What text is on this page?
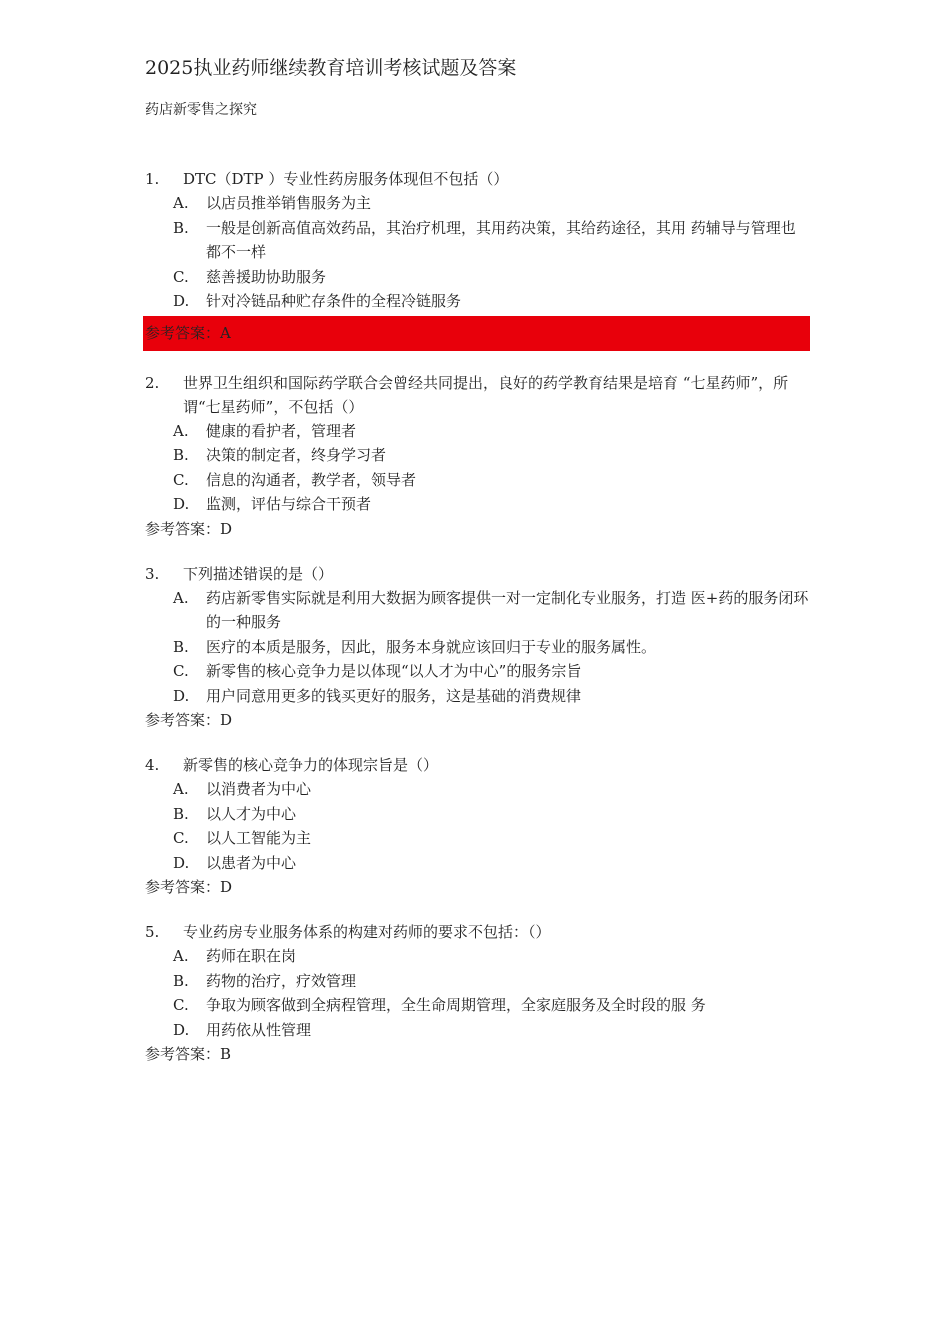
2025执业药师继续教育培训考核试题及答案
药店新零售之探究
1.	DTC（DTP ）专业性药房服务体现但不包括（）
A.	以店员推举销售服务为主
B.	一般是创新高值高效药品，其治疗机理，其用药决策，其给药途径，其用 药辅导与管理也都不一样
C.	慈善援助协助服务
D.	针对冷链品种贮存条件的全程冷链服务
参考答案：A
2.	世界卫生组织和国际药学联合会曾经共同提出，良好的药学教育结果是培育 “七星药师”，所谓“七星药师”，不包括（）
A.	健康的看护者，管理者
B.	决策的制定者，终身学习者
C.	信息的沟通者，教学者，领导者
D.	监测，评估与综合干预者
参考答案：D
3.	下列描述错误的是（）
A.	药店新零售实际就是利用大数据为顾客提供一对一定制化专业服务，打造 医+药的服务闭环的一种服务
B.	医疗的本质是服务，因此，服务本身就应该回归于专业的服务属性。
C.	新零售的核心竞争力是以体现“以人才为中心”的服务宗旨
D.	用户同意用更多的钱买更好的服务，这是基础的消费规律
参考答案：D
4.	新零售的核心竞争力的体现宗旨是（）
A.	以消费者为中心
B.	以人才为中心
C.	以人工智能为主
D.	以患者为中心
参考答案：D
5.	专业药房专业服务体系的构建对药师的要求不包括：（）
A.	药师在职在岗
B.	药物的治疗，疗效管理
C.	争取为顾客做到全病程管理，全生命周期管理，全家庭服务及全时段的服 务
D.	用药依从性管理
参考答案：B
